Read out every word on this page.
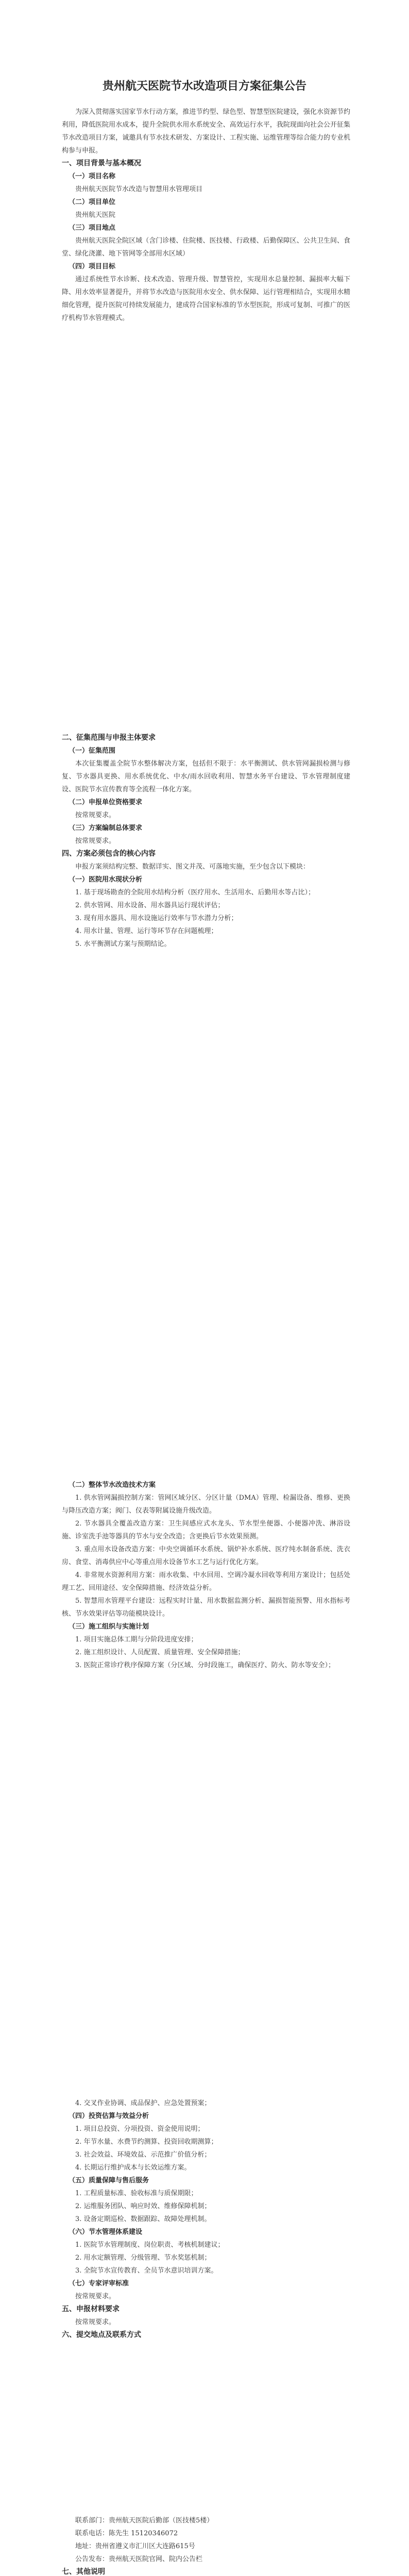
贵州航天医院节水改造项目方案征集公告

为深入贯彻落实国家节水行动方案，推进节约型、绿色型、智慧型医院建设，强化水资源节约利用，降低医院用水成本，提升全院供水用水系统安全、高效运行水平，我院现面向社会公开征集节水改造项目方案，诚邀具有节水技术研发、方案设计、工程实施、运维管理等综合能力的专业机构参与申报。

一、项目背景与基本概况

（一）项目名称

贵州航天医院节水改造与智慧用水管理项目

（二）项目单位

贵州航天医院

（三）项目地点

贵州航天医院全院区域（含门诊楼、住院楼、医技楼、行政楼、后勤保障区、公共卫生间、食堂、绿化浇灌、地下管网等全部用水区域）

（四）项目目标

通过系统性节水诊断、技术改造、管理升级、智慧管控，实现用水总量控制、漏损率大幅下降、用水效率显著提升，并将节水改造与医院用水安全、供水保障、运行管理相结合，实现用水精细化管理，提升医院可持续发展能力，建成符合国家标准的节水型医院，形成可复制、可推广的医疗机构节水管理模式。

二、征集范围与申报主体要求

（一）征集范围

本次征集覆盖全院节水整体解决方案，包括但不限于：水平衡测试、供水管网漏损检测与修复、节水器具更换、用水系统优化、中水/雨水回收利用、智慧水务平台建设、节水管理制度建设、医院节水宣传教育等全流程一体化方案。

（二）申报单位资格要求

按常规要求。

（三）方案编制总体要求

按常规要求。

四、方案必须包含的核心内容

申报方案须结构完整、数据详实、图文并茂、可落地实施，至少包含以下模块：

（一）医院用水现状分析

1. 基于现场勘查的全院用水结构分析（医疗用水、生活用水、后勤用水等占比）；

2. 供水管网、用水设备、用水器具运行现状评估；

3. 现有用水器具、用水设施运行效率与节水潜力分析；

4. 用水计量、管理、运行等环节存在问题梳理；

5. 水平衡测试方案与预期结论。

（二）整体节水改造技术方案

1. 供水管网漏损控制方案：管网区域分区、分区计量（DMA）管理、检漏设备、维修、更换与降压改造方案；阀门、仪表等附属设施升级改造。

2. 节水器具全覆盖改造方案：卫生间感应式水龙头、节水型坐便器、小便器冲洗、淋浴设施、诊室洗手池等器具的节水与安全改造；含更换后节水效果预测。

3. 重点用水设备改造方案：中央空调循环水系统、锅炉补水系统、医疗纯水制备系统、洗衣房、食堂、消毒供应中心等重点用水设备节水工艺与运行优化方案。

4. 非常规水资源利用方案：雨水收集、中水回用、空调冷凝水回收等利用方案设计；包括处理工艺、回用途径、安全保障措施、经济效益分析。

5. 智慧用水管理平台建设：远程实时计量、用水数据监测分析、漏损智能预警、用水指标考核、节水效果评估等功能模块设计。

（三）施工组织与实施计划

1. 项目实施总体工期与分阶段进度安排；

2. 施工组织设计、人员配置、质量管理、安全保障措施；

3. 医院正常诊疗秩序保障方案（分区域、分时段施工，确保医疗、防火、防水等安全）；

4. 交叉作业协调、成品保护、应急处置预案；

（四）投资估算与效益分析

1. 项目总投资、分项投资、资金使用说明；

2. 年节水量、水费节约测算、投资回收期测算；

3. 社会效益、环境效益、示范推广价值分析；

4. 长期运行维护成本与长效运维方案。

（五）质量保障与售后服务

1. 工程质量标准、验收标准与质保期限；

2. 运维服务团队、响应时效、维修保障机制；

3. 设备定期巡检、数据跟踪、故障处理机制。

（六）节水管理体系建设

1. 医院节水管理制度、岗位职责、考核机制建议；

2. 用水定额管理、分级管理、节水奖惩机制；

3. 全院节水宣传教育、全员节水意识培训方案。

（七）专家评审标准

按常规要求。

五、申报材料要求

按常规要求。

六、提交地点及联系方式

联系部门：贵州航天医院后勤部（医技楼5楼）

联系电话：陈先生 15120346072

地址：贵州省遵义市汇川区大连路615号

公告发布：贵州航天医院官网、院内公告栏

七、其他说明
